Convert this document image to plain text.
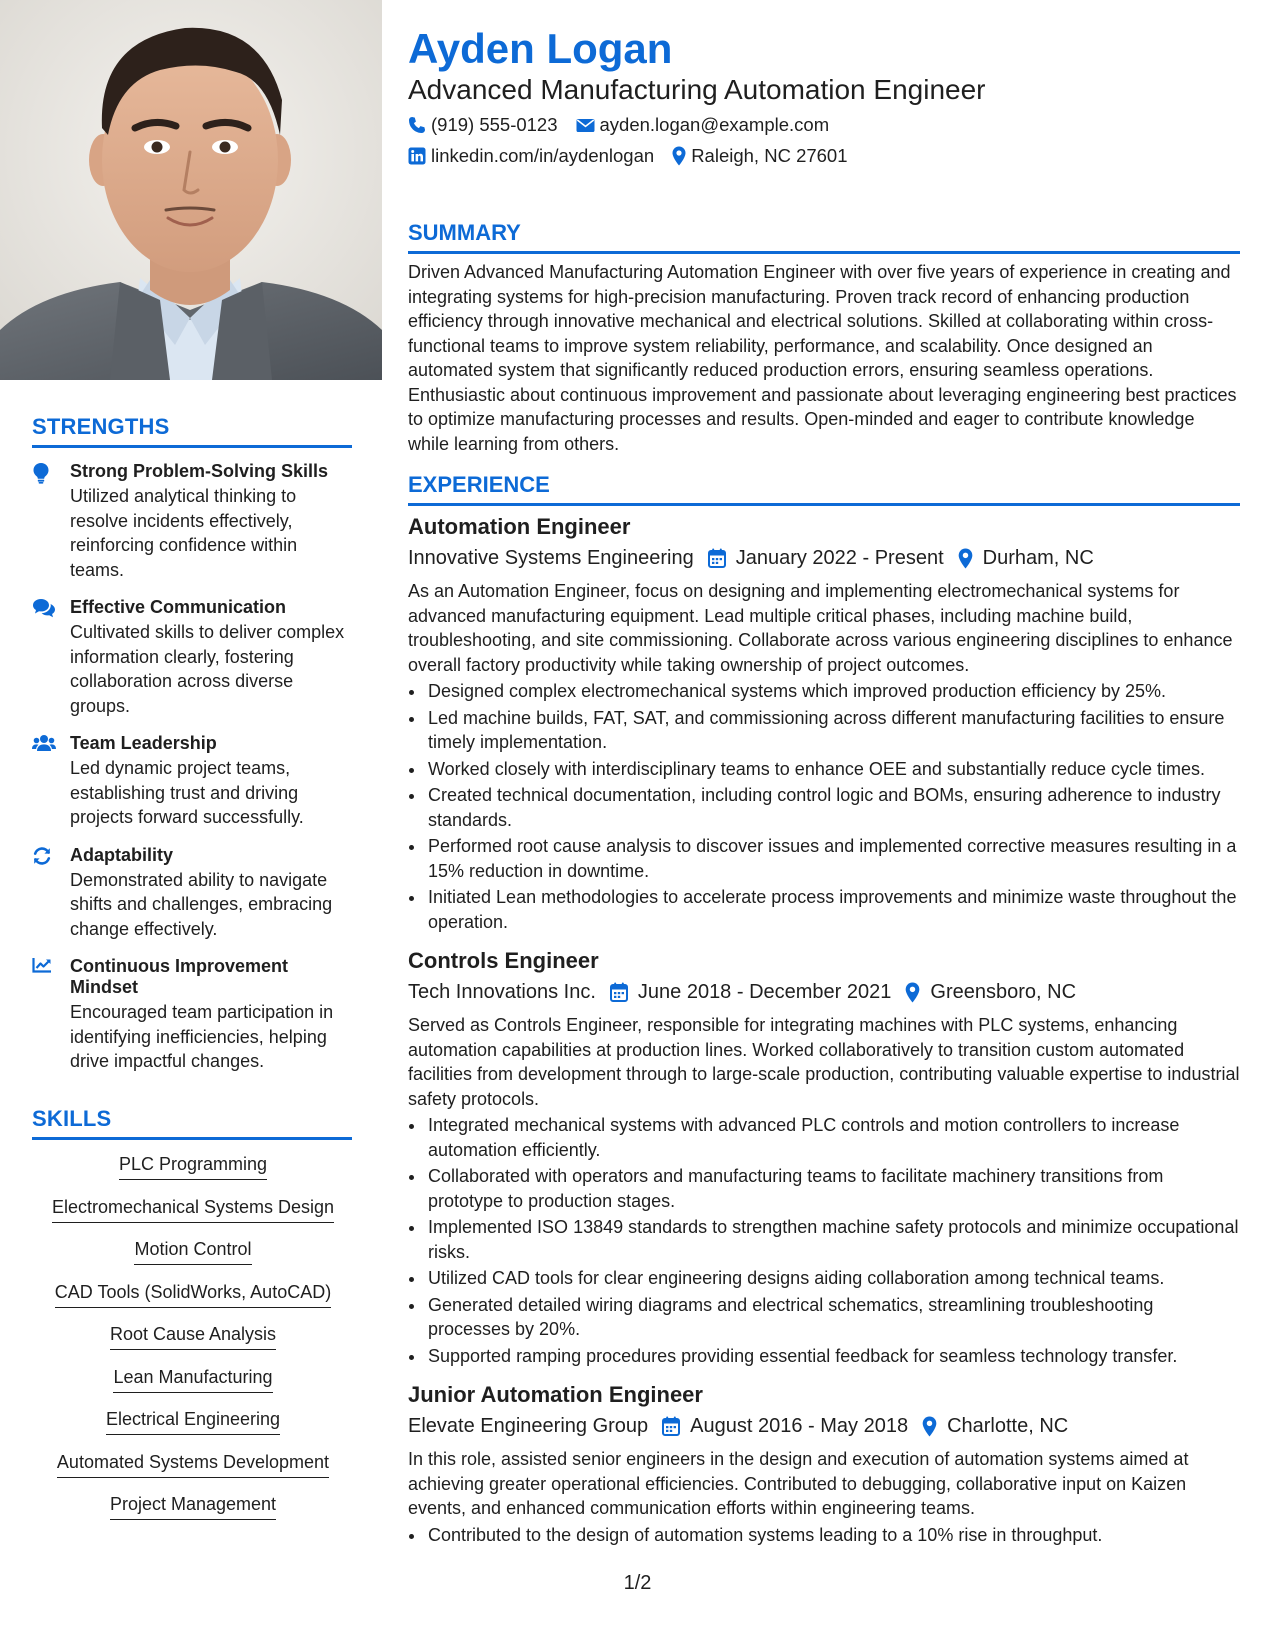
STRENGTHS
Strong Problem-Solving Skills
Utilized analytical thinking to resolve incidents effectively, reinforcing confidence within teams.
Effective Communication
Cultivated skills to deliver complex information clearly, fostering collaboration across diverse groups.
Team Leadership
Led dynamic project teams, establishing trust and driving projects forward successfully.
Adaptability
Demonstrated ability to navigate shifts and challenges, embracing change effectively.
Continuous Improvement Mindset
Encouraged team participation in identifying inefficiencies, helping drive impactful changes.
SKILLS
PLC Programming
Electromechanical Systems Design
Motion Control
CAD Tools (SolidWorks, AutoCAD)
Root Cause Analysis
Lean Manufacturing
Electrical Engineering
Automated Systems Development
Project Management
Ayden Logan
Advanced Manufacturing Automation Engineer
(919) 555-0123 ayden.logan@example.com
linkedin.com/in/aydenlogan Raleigh, NC 27601
SUMMARY
Driven Advanced Manufacturing Automation Engineer with over five years of experience in creating and integrating systems for high-precision manufacturing. Proven track record of enhancing production efficiency through innovative mechanical and electrical solutions. Skilled at collaborating within cross-functional teams to improve system reliability, performance, and scalability. Once designed an automated system that significantly reduced production errors, ensuring seamless operations. Enthusiastic about continuous improvement and passionate about leveraging engineering best practices to optimize manufacturing processes and results. Open-minded and eager to contribute knowledge while learning from others.
EXPERIENCE
Automation Engineer
Innovative Systems Engineering January 2022 - Present Durham, NC
As an Automation Engineer, focus on designing and implementing electromechanical systems for advanced manufacturing equipment. Lead multiple critical phases, including machine build, troubleshooting, and site commissioning. Collaborate across various engineering disciplines to enhance overall factory productivity while taking ownership of project outcomes.
• Designed complex electromechanical systems which improved production efficiency by 25%.
• Led machine builds, FAT, SAT, and commissioning across different manufacturing facilities to ensure timely implementation.
• Worked closely with interdisciplinary teams to enhance OEE and substantially reduce cycle times.
• Created technical documentation, including control logic and BOMs, ensuring adherence to industry standards.
• Performed root cause analysis to discover issues and implemented corrective measures resulting in a 15% reduction in downtime.
• Initiated Lean methodologies to accelerate process improvements and minimize waste throughout the operation.
Controls Engineer
Tech Innovations Inc. June 2018 - December 2021 Greensboro, NC
Served as Controls Engineer, responsible for integrating machines with PLC systems, enhancing automation capabilities at production lines. Worked collaboratively to transition custom automated facilities from development through to large-scale production, contributing valuable expertise to industrial safety protocols.
• Integrated mechanical systems with advanced PLC controls and motion controllers to increase automation efficiently.
• Collaborated with operators and manufacturing teams to facilitate machinery transitions from prototype to production stages.
• Implemented ISO 13849 standards to strengthen machine safety protocols and minimize occupational risks.
• Utilized CAD tools for clear engineering designs aiding collaboration among technical teams.
• Generated detailed wiring diagrams and electrical schematics, streamlining troubleshooting processes by 20%.
• Supported ramping procedures providing essential feedback for seamless technology transfer.
Junior Automation Engineer
Elevate Engineering Group August 2016 - May 2018 Charlotte, NC
In this role, assisted senior engineers in the design and execution of automation systems aimed at achieving greater operational efficiencies. Contributed to debugging, collaborative input on Kaizen events, and enhanced communication efforts within engineering teams.
• Contributed to the design of automation systems leading to a 10% rise in throughput.
1/2
